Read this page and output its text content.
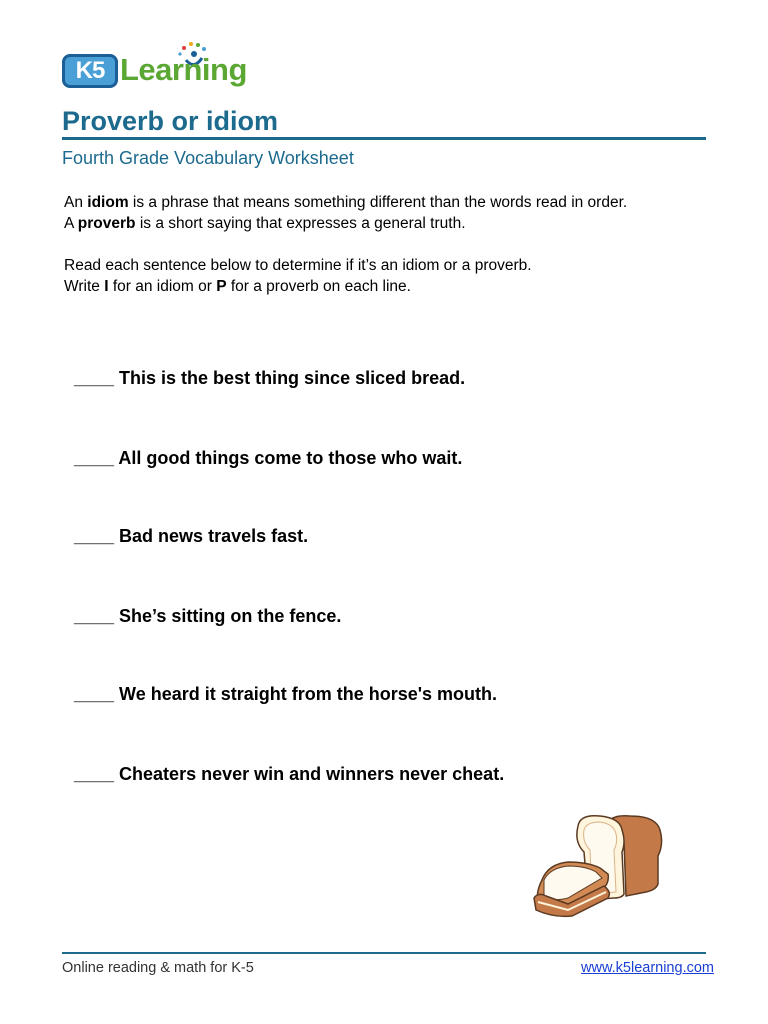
K5 Learning
Proverb or idiom
Fourth Grade Vocabulary Worksheet

An idiom is a phrase that means something different than the words read in order.

A proverb is a short saying that expresses a general truth.

Read each sentence below to determine if it’s an idiom or a proverb.

Write I for an idiom or P for a proverb on each line.

____ This is the best thing since sliced bread.
____ All good things come to those who wait.
____ Bad news travels fast.
____ She’s sitting on the fence.
____ We heard it straight from the horse's mouth.
____ Cheaters never win and winners never cheat.
Online reading & math for K-5	www.k5learning.com
